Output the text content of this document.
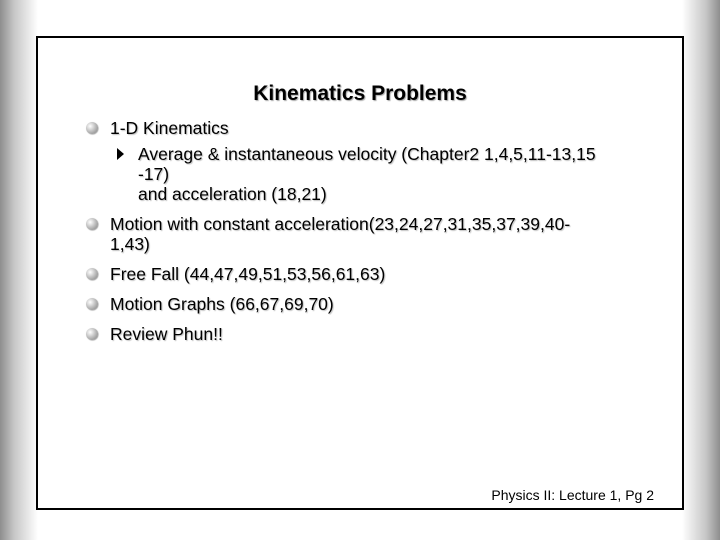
Kinematics Problems
1-D Kinematics
Average & instantaneous velocity (Chapter2 1,4,5,11-13,15
-17)
and acceleration (18,21)
Motion with constant acceleration(23,24,27,31,35,37,39,40-
1,43)
Free Fall (44,47,49,51,53,56,61,63)
Motion Graphs (66,67,69,70)
Review Phun!!
Physics II: Lecture 1, Pg 2
